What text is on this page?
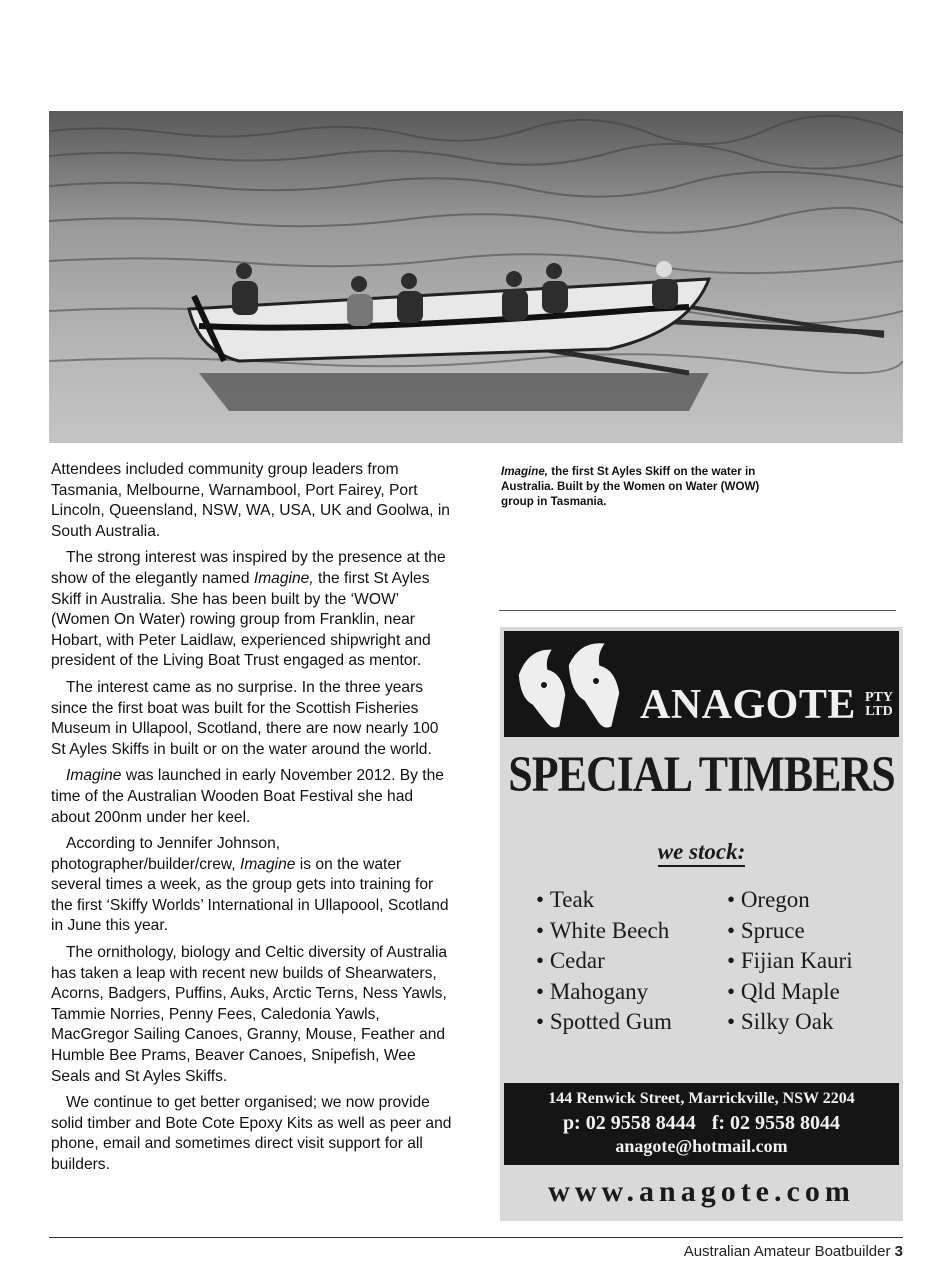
Attendees included community group leaders from Tasmania, Melbourne, Warnambool, Port Fairey, Port Lincoln, Queensland, NSW, WA, USA, UK and Goolwa, in South Australia.

The strong interest was inspired by the presence at the show of the elegantly named Imagine, the first St Ayles Skiff in Australia. She has been built by the ‘WOW’ (Women On Water) rowing group from Franklin, near Hobart, with Peter Laidlaw, experienced shipwright and president of the Living Boat Trust engaged as mentor.

The interest came as no surprise. In the three years since the first boat was built for the Scottish Fisheries Museum in Ullapool, Scotland, there are now nearly 100 St Ayles Skiffs in built or on the water around the world.

Imagine was launched in early November 2012. By the time of the Australian Wooden Boat Festival she had about 200nm under her keel.

According to Jennifer Johnson, photographer/builder/crew, Imagine is on the water several times a week, as the group gets into training for the first ‘Skiffy Worlds’ International in Ullapoool, Scotland in June this year.

The ornithology, biology and Celtic diversity of Australia has taken a leap with recent new builds of Shearwaters, Acorns, Badgers, Puffins, Auks, Arctic Terns, Ness Yawls, Tammie Norries, Penny Fees, Caledonia Yawls, MacGregor Sailing Canoes, Granny, Mouse, Feather and Humble Bee Prams, Beaver Canoes, Snipefish, Wee Seals and St Ayles Skiffs.

We continue to get better organised; we now provide solid timber and Bote Cote Epoxy Kits as well as peer and phone, email and sometimes direct visit support for all builders.

Imagine, the first St Ayles Skiff on the water in Australia. Built by the Women on Water (WOW) group in Tasmania.
ANAGOTE PTY
LTD
SPECIAL TIMBERS
we stock:
• Teak
• White Beech
• Cedar
• Mahogany
• Spotted Gum
• Oregon
• Spruce
• Fijian Kauri
• Qld Maple
• Silky Oak
144 Renwick Street, Marrickville, NSW 2204
p: 02 9558 8444 f: 02 9558 8044
anagote@hotmail.com
www.anagote.com
Australian Amateur Boatbuilder 3
